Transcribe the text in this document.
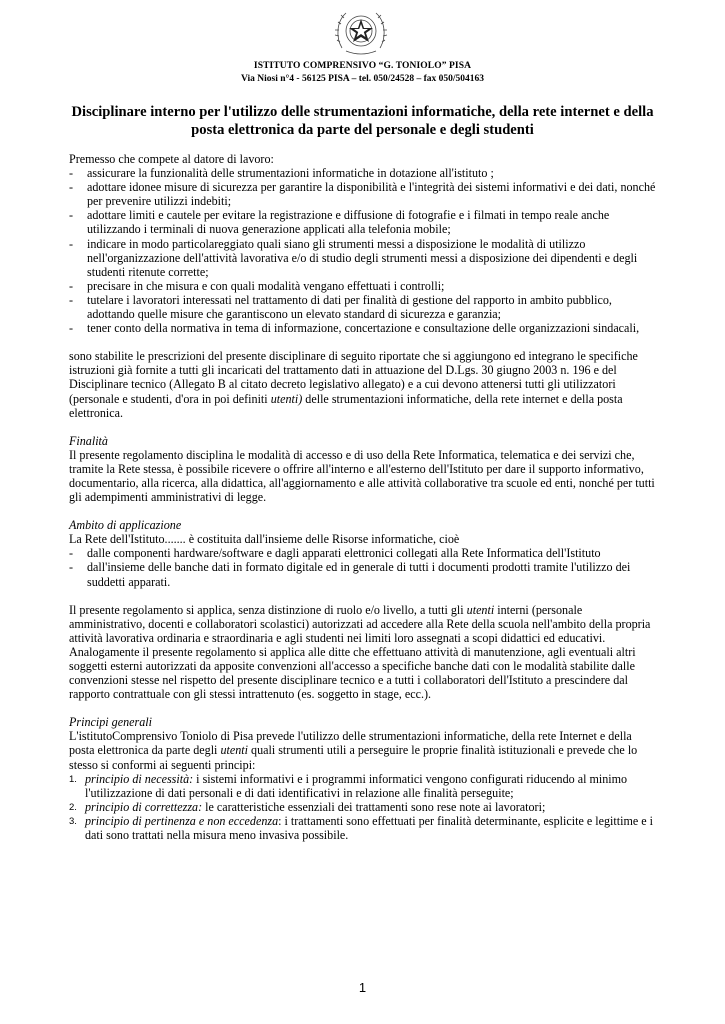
ISTITUTO COMPRENSIVO “G. TONIOLO” PISA
Via Niosi n°4 - 56125 PISA – tel. 050/24528 – fax 050/504163
Disciplinare interno per l'utilizzo delle strumentazioni informatiche, della rete internet e della posta elettronica da parte del personale e degli studenti

Premesso che compete al datore di lavoro:

- assicurare la funzionalità delle strumentazioni informatiche in dotazione all'istituto ;
- adottare idonee misure di sicurezza per garantire la disponibilità e l'integrità dei sistemi informativi e dei dati, nonché per prevenire utilizzi indebiti;
- adottare limiti e cautele per evitare la registrazione e diffusione di fotografie e i filmati in tempo reale anche utilizzando i terminali di nuova generazione applicati alla telefonia mobile;
- indicare in modo particolareggiato quali siano gli strumenti messi a disposizione le modalità di utilizzo nell'organizzazione dell'attività lavorativa e/o di studio degli strumenti messi a disposizione dei dipendenti e degli studenti ritenute corrette;
- precisare in che misura e con quali modalità vengano effettuati i controlli;
- tutelare i lavoratori interessati nel trattamento di dati per finalità di gestione del rapporto in ambito pubblico, adottando quelle misure che garantiscono un elevato standard di sicurezza e garanzia;
- tener conto della normativa in tema di informazione, concertazione e consultazione delle organizzazioni sindacali,

sono stabilite le prescrizioni del presente disciplinare di seguito riportate che si aggiungono ed integrano le specifiche istruzioni già fornite a tutti gli incaricati del trattamento dati in attuazione del D.Lgs. 30 giugno 2003 n. 196 e del Disciplinare tecnico (Allegato B al citato decreto legislativo allegato) e a cui devono attenersi tutti gli utilizzatori (personale e studenti, d'ora in poi definiti utenti) delle strumentazioni informatiche, della rete internet e della posta elettronica.

Finalità

Il presente regolamento disciplina le modalità di accesso e di uso della Rete Informatica, telematica e dei servizi che, tramite la Rete stessa, è possibile ricevere o offrire all'interno e all'esterno dell'Istituto per dare il supporto informativo, documentario, alla ricerca, alla didattica, all'aggiornamento e alle attività collaborative tra scuole ed enti, nonché per tutti gli adempimenti amministrativi di legge.

Ambito di applicazione

La Rete dell'Istituto....... è costituita dall'insieme delle Risorse informatiche, cioè

- dalle componenti hardware/software e dagli apparati elettronici collegati alla Rete Informatica dell'Istituto
- dall'insieme delle banche dati in formato digitale ed in generale di tutti i documenti prodotti tramite l'utilizzo dei suddetti apparati.

Il presente regolamento si applica, senza distinzione di ruolo e/o livello, a tutti gli utenti interni (personale amministrativo, docenti e collaboratori scolastici) autorizzati ad accedere alla Rete della scuola nell'ambito della propria attività lavorativa ordinaria e straordinaria e agli studenti nei limiti loro assegnati a scopi didattici ed educativi. Analogamente il presente regolamento si applica alle ditte che effettuano attività di manutenzione, agli eventuali altri soggetti esterni autorizzati da apposite convenzioni all'accesso a specifiche banche dati con le modalità stabilite dalle convenzioni stesse nel rispetto del presente disciplinare tecnico e a tutti i collaboratori dell'Istituto a prescindere dal rapporto contrattuale con gli stessi intrattenuto (es. soggetto in stage, ecc.).

Principi generali

L'istitutoComprensivo Toniolo di Pisa prevede l'utilizzo delle strumentazioni informatiche, della rete Internet e della posta elettronica da parte degli utenti quali strumenti utili a perseguire le proprie finalità istituzionali e prevede che lo stesso si conformi ai seguenti principi:

1. principio di necessità: i sistemi informativi e i programmi informatici vengono configurati riducendo al minimo l'utilizzazione di dati personali e di dati identificativi in relazione alle finalità perseguite;
2. principio di correttezza: le caratteristiche essenziali dei trattamenti sono rese note ai lavoratori;
3. principio di pertinenza e non eccedenza: i trattamenti sono effettuati per finalità determinante, esplicite e legittime e i dati sono trattati nella misura meno invasiva possibile.
1
